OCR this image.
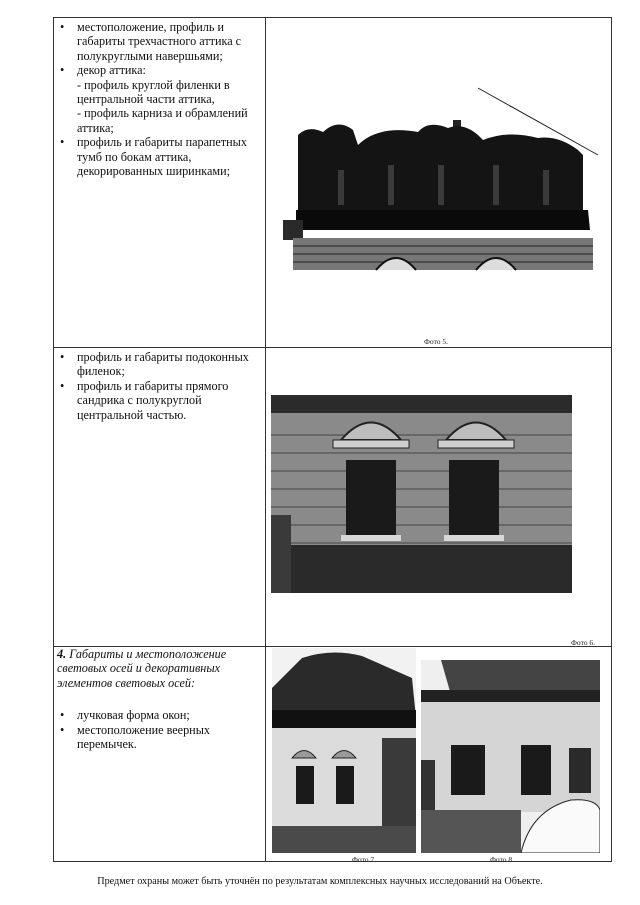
• местоположение, профиль и габариты трехчастного аттика с полукруглыми навершьями;
• декор аттика:
- профиль круглой филенки в центральной части аттика,
- профиль карниза и обрамлений аттика;
• профиль и габариты парапетных тумб по бокам аттика, декорированных ширинками;
Фото 5.
• профиль и габариты подоконных филенок;
• профиль и габариты прямого сандрика с полукруглой центральной частью.
Фото 6.
4. Габариты и местоположение световых осей и декоративных элементов световых осей:
• лучковая форма окон;
• местоположение веерных перемычек.
Фото 7.	Фото 8.
Предмет охраны может быть уточнён по результатам комплексных научных исследований на Объекте.
